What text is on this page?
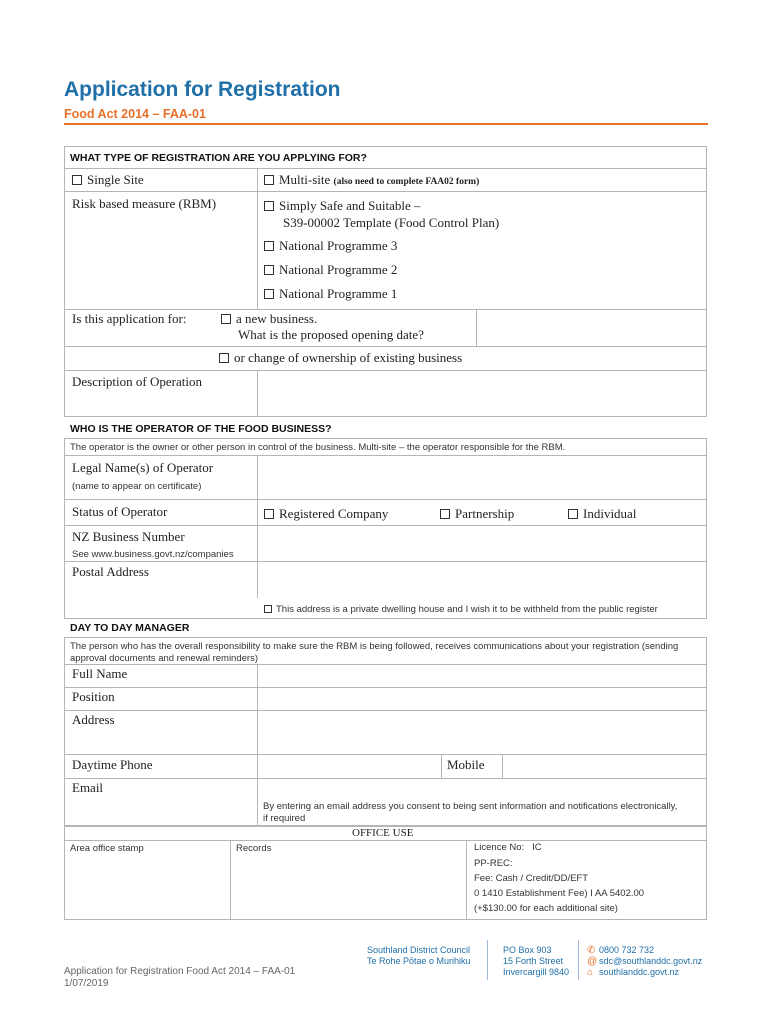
Application for Registration
Food Act 2014 – FAA-01
WHAT TYPE OF REGISTRATION ARE YOU APPLYING FOR?
Single Site	Multi-site (also need to complete FAA02 form)
Risk based measure (RBM)	Simply Safe and Suitable –
S39-00002 Template (Food Control Plan)
National Programme 3
National Programme 2
National Programme 1
Is this application for:	a new business.
What is the proposed opening date?
or change of ownership of existing business
Description of Operation
WHO IS THE OPERATOR OF THE FOOD BUSINESS?
The operator is the owner or other person in control of the business. Multi-site – the operator responsible for the RBM.
Legal Name(s) of Operator
(name to appear on certificate)
Status of Operator	Registered Company	Partnership	Individual
NZ Business Number
See www.business.govt.nz/companies
Postal Address
This address is a private dwelling house and I wish it to be withheld from the public register
DAY TO DAY MANAGER
The person who has the overall responsibility to make sure the RBM is being followed, receives communications about your registration (sending
approval documents and renewal reminders)
Full Name
Position
Address
Daytime Phone	Mobile
Email
By entering an email address you consent to being sent information and notifications electronically,
if required
OFFICE USE
Area office stamp	Records	Licence No:   IC
PP-REC:
Fee: Cash / Credit/DD/EFT
0 1410 Establishment Fee) I AA 5402.00
(+$130.00 for each additional site)
Application for Registration Food Act 2014 – FAA-01
1/07/2019
Southland District Council
Te Rohe Pōtae o Murihiku
PO Box 903
15 Forth Street
Invercargill 9840
✆ 0800 732 732
@ sdc@southlanddc.govt.nz
⌂ southlanddc.govt.nz
